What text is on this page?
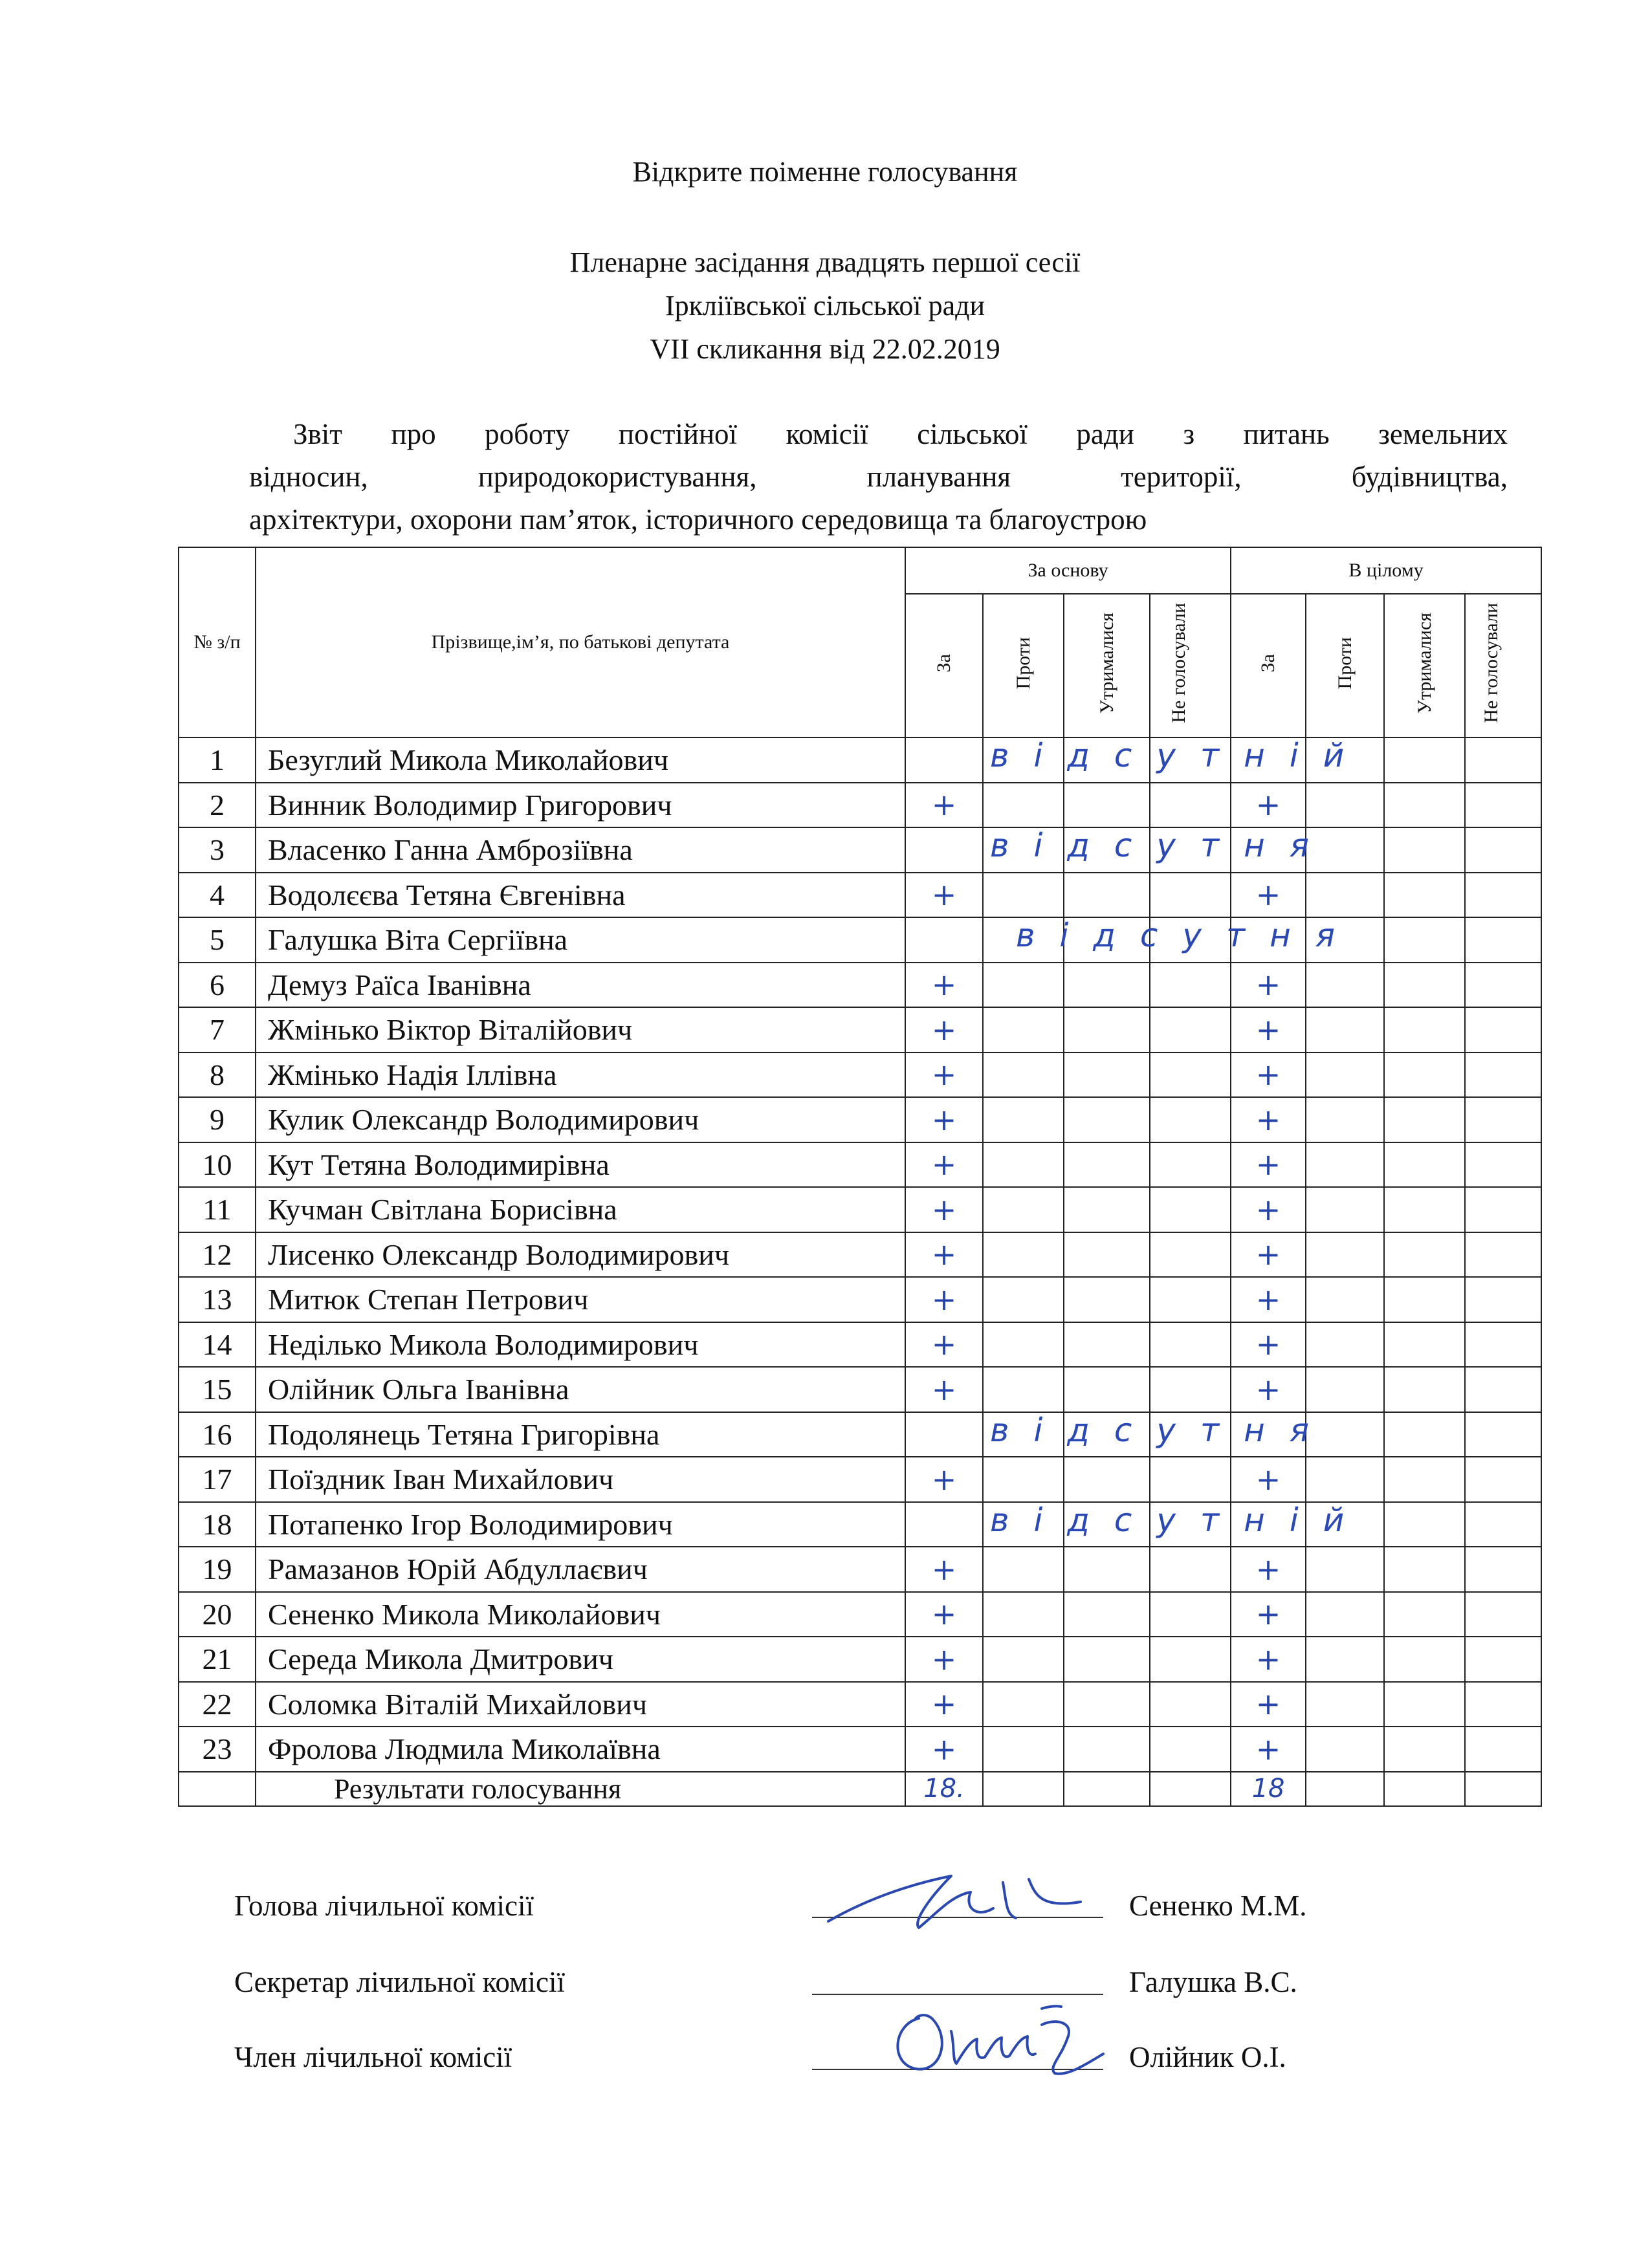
Відкрите поіменне голосування
Пленарне засідання двадцять першої сесії
Ірклiївської сільської ради
VII скликання від 22.02.2019
Звіт про роботу постійної комісії сільської ради з питань земельних
відносин, природокористування, планування території, будівництва,
архітектури, охорони пам’яток, історичного середовища та благоустрою
№ з/п	Прізвище,ім’я, по батькові депутата	За основу				В цілому			
		За	Проти	Утрималися	Не голосували	За	Проти	Утрималися	Не голосували
1	Безуглий Микола Миколайович	відсутній							

2	Винник Володимир Григорович	+				+			
3	Власенко Ганна Амброзіївна	відсутня							

4	Водолєєва Тетяна Євгенівна	+				+			
5	Галушка Віта Сергіївна	відсутня							

6	Демуз Раїса Іванівна	+				+			
7	Жмінько Віктор Віталійович	+				+			
8	Жмінько Надія Іллівна	+				+			
9	Кулик Олександр Володимирович	+				+			
10	Кут Тетяна Володимирівна	+				+			
11	Кучман Світлана Борисівна	+				+			
12	Лисенко Олександр Володимирович	+				+			
13	Митюк Степан Петрович	+				+			
14	Неділько Микола Володимирович	+				+			
15	Олійник Ольга Іванівна	+				+			
16	Подолянець Тетяна Григорівна	відсутня							

17	Поїздник Іван Михайлович	+				+			
18	Потапенко Ігор Володимирович	відсутній							

19	Рамазанов Юрій Абдуллаєвич	+				+			
20	Сененко Микола Миколайович	+				+			
21	Середа Микола Дмитрович	+				+			
22	Соломка Віталій Михайлович	+				+			
23	Фролова Людмила Миколаївна	+				+			
	Результати голосування	18.				18			
Голова лічильної комісії	Сененко М.М.
Секретар лічильної комісії	Галушка В.С.
Член лічильної комісії	Олійник О.І.
